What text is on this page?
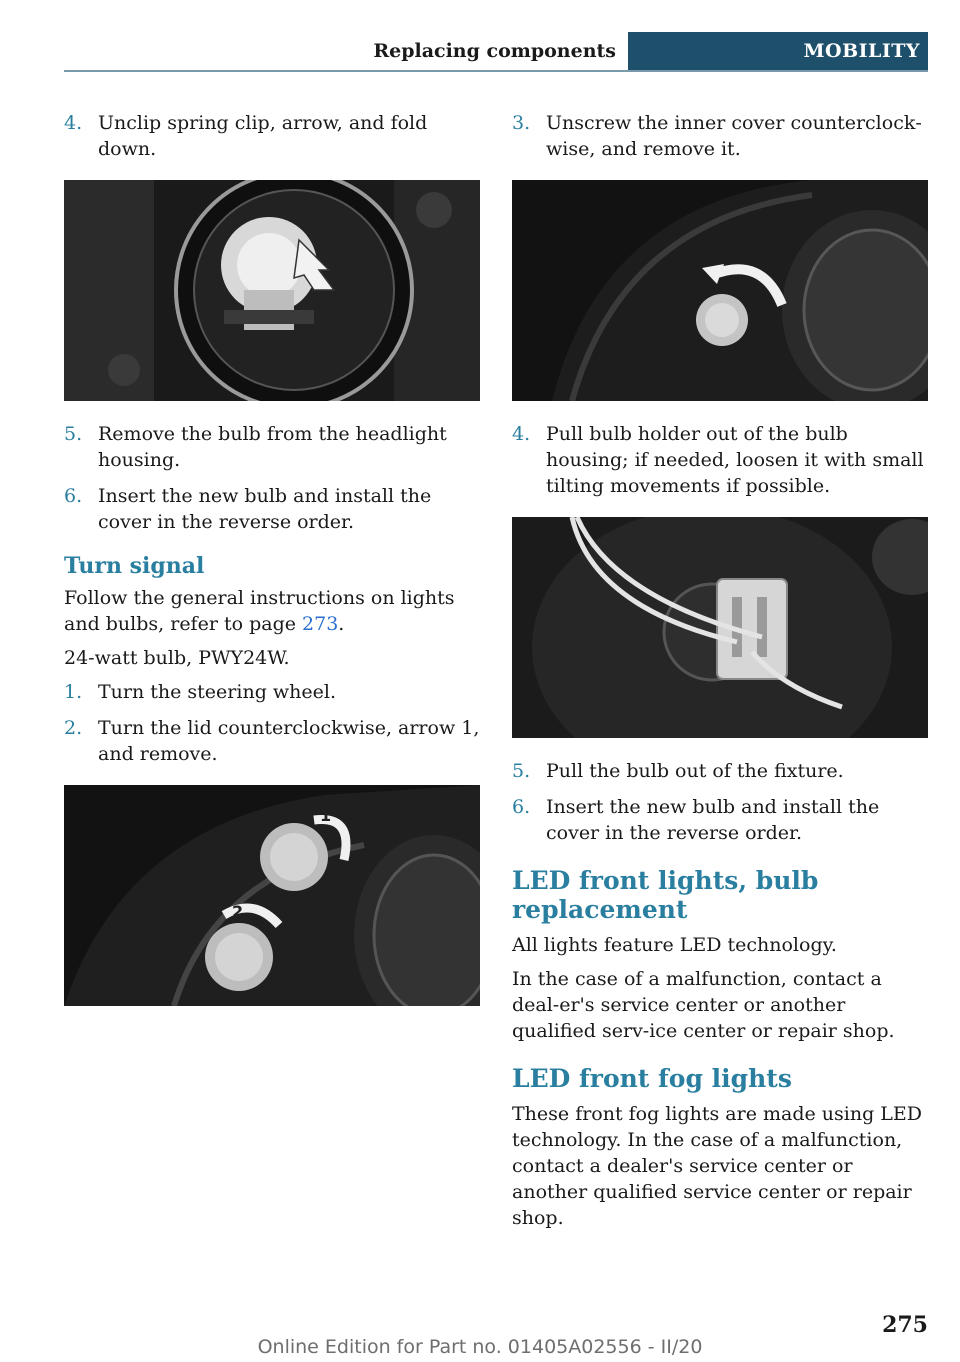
Replacing components	MOBILITY
4. Unclip spring clip, arrow, and fold down.
5. Remove the bulb from the headlight housing.
6. Insert the new bulb and install the cover in the reverse order.
Turn signal
Follow the general instructions on lights and bulbs, refer to page 273.
24-watt bulb, PWY24W.
1. Turn the steering wheel.
2. Turn the lid counterclockwise, arrow 1, and remove.
1
2
3. Unscrew the inner cover counterclock‐wise, and remove it.
4. Pull bulb holder out of the bulb housing; if needed, loosen it with small tilting movements if possible.
5. Pull the bulb out of the fixture.
6. Insert the new bulb and install the cover in the reverse order.
LED front lights, bulb replacement
All lights feature LED technology.
In the case of a malfunction, contact a deal‐er's service center or another qualified serv‐ice center or repair shop.
LED front fog lights
These front fog lights are made using LED technology. In the case of a malfunction, contact a dealer's service center or another qualified service center or repair shop.
275
Online Edition for Part no. 01405A02556 - II/20
